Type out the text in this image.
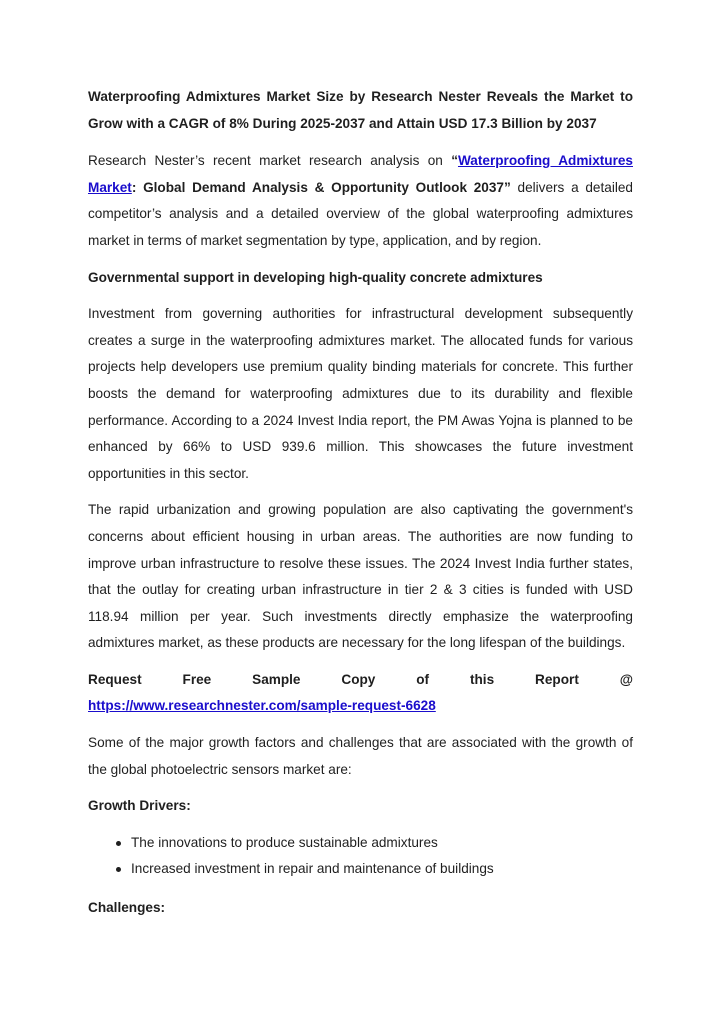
Waterproofing Admixtures Market Size by Research Nester Reveals the Market to Grow with a CAGR of 8% During 2025-2037 and Attain USD 17.3 Billion by 2037

Research Nester’s recent market research analysis on “Waterproofing Admixtures Market: Global Demand Analysis & Opportunity Outlook 2037” delivers a detailed competitor’s analysis and a detailed overview of the global waterproofing admixtures market in terms of market segmentation by type, application, and by region.

Governmental support in developing high-quality concrete admixtures

Investment from governing authorities for infrastructural development subsequently creates a surge in the waterproofing admixtures market. The allocated funds for various projects help developers use premium quality binding materials for concrete. This further boosts the demand for waterproofing admixtures due to its durability and flexible performance. According to a 2024 Invest India report, the PM Awas Yojna is planned to be enhanced by 66% to USD 939.6 million. This showcases the future investment opportunities in this sector.

The rapid urbanization and growing population are also captivating the government's concerns about efficient housing in urban areas. The authorities are now funding to improve urban infrastructure to resolve these issues. The 2024 Invest India further states, that the outlay for creating urban infrastructure in tier 2 & 3 cities is funded with USD 118.94 million per year. Such investments directly emphasize the waterproofing admixtures market, as these products are necessary for the long lifespan of the buildings.

Request Free Sample Copy of this Report @ https://www.researchnester.com/sample-request-6628

Some of the major growth factors and challenges that are associated with the growth of the global photoelectric sensors market are:

Growth Drivers:

The innovations to produce sustainable admixtures
Increased investment in repair and maintenance of buildings

Challenges:
